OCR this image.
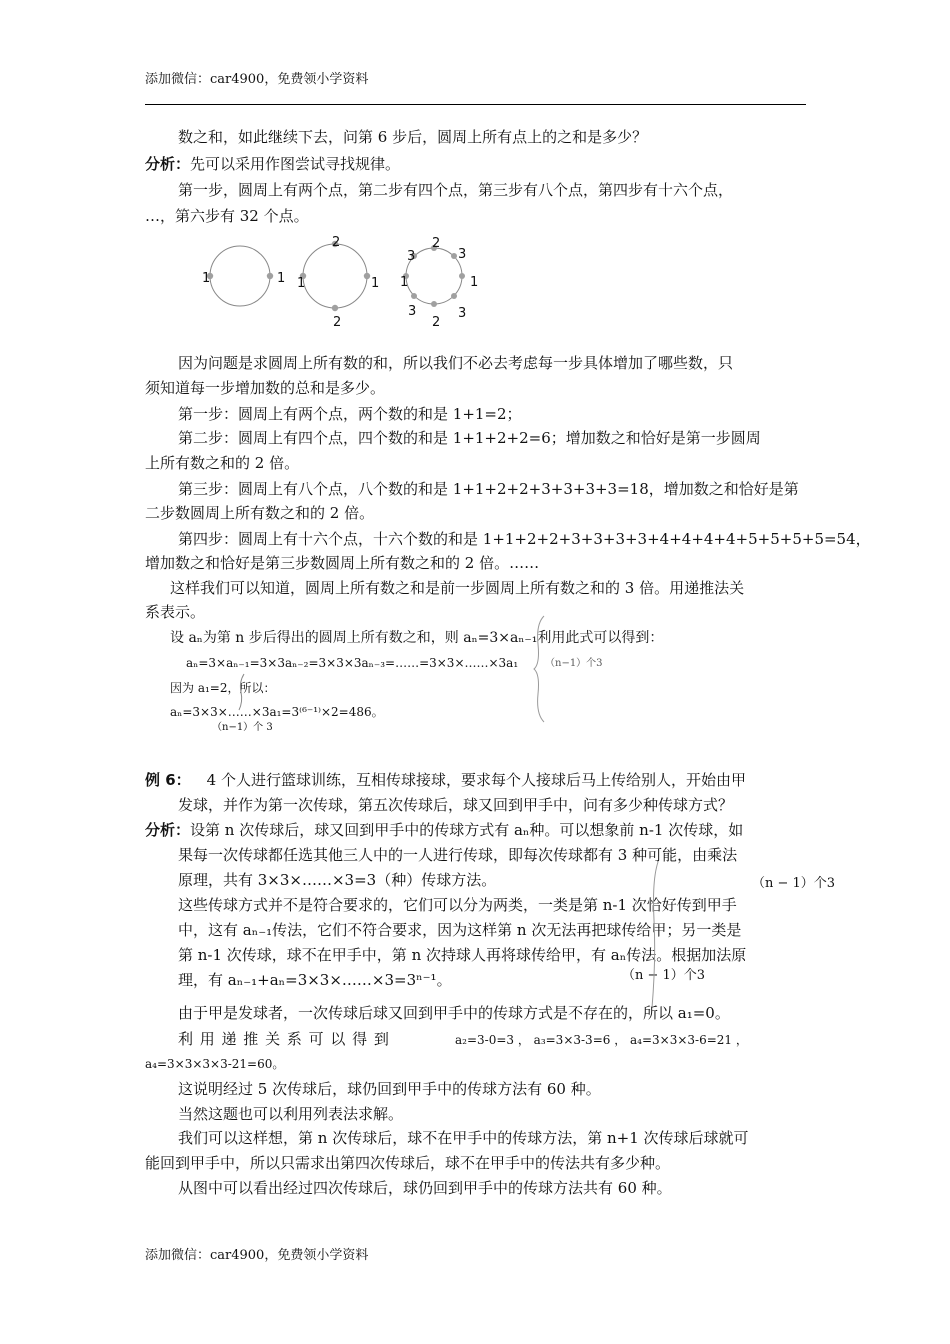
添加微信：car4900，免费领小学资料
数之和，如此继续下去，问第 6 步后，圆周上所有点上的之和是多少？
分析：先可以采用作图尝试寻找规律。
第一步，圆周上有两个点，第二步有四个点，第三步有八个点，第四步有十六个点，
…，第六步有 32 个点。
1	1
2
1	1
2
2
3
3
1
1
3
3
2
因为问题是求圆周上所有数的和，所以我们不必去考虑每一步具体增加了哪些数，只
须知道每一步增加数的总和是多少。
第一步：圆周上有两个点，两个数的和是 1+1=2；
第二步：圆周上有四个点，四个数的和是 1+1+2+2=6；增加数之和恰好是第一步圆周
上所有数之和的 2 倍。
第三步：圆周上有八个点，八个数的和是 1+1+2+2+3+3+3+3=18，增加数之和恰好是第
二步数圆周上所有数之和的 2 倍。
第四步：圆周上有十六个点，十六个数的和是 1+1+2+2+3+3+3+3+4+4+4+4+5+5+5+5=54，
增加数之和恰好是第三步数圆周上所有数之和的 2 倍。……
这样我们可以知道，圆周上所有数之和是前一步圆周上所有数之和的 3 倍。用递推法关
系表示。
设 aₙ为第 n 步后得出的圆周上所有数之和，则 aₙ=3×aₙ₋₁利用此式可以得到：
aₙ=3×aₙ₋₁=3×3aₙ₋₂=3×3×3aₙ₋₃=……=3×3×……×3a₁	（n−1）个3
因为 a₁=2，所以：
aₙ=3×3×……×3a₁=3⁽⁶⁻¹⁾×2=486。
（n−1）个 3
例 6： 4 个人进行篮球训练，互相传球接球，要求每个人接球后马上传给别人，开始由甲
发球，并作为第一次传球，第五次传球后，球又回到甲手中，问有多少种传球方式？
分析：设第 n 次传球后，球又回到甲手中的传球方式有 aₙ种。可以想象前 n-1 次传球，如
果每一次传球都任选其他三人中的一人进行传球，即每次传球都有 3 种可能，由乘法
原理，共有 3×3×……×3=3（种）传球方法。	（n − 1）个3
这些传球方式并不是符合要求的，它们可以分为两类，一类是第 n-1 次恰好传到甲手
中，这有 aₙ₋₁传法，它们不符合要求，因为这样第 n 次无法再把球传给甲；另一类是
第 n-1 次传球，球不在甲手中，第 n 次持球人再将球传给甲，有 aₙ传法。根据加法原
理，有 aₙ₋₁+aₙ=3×3×……×3=3ⁿ⁻¹。	（n − 1）个3
由于甲是发球者，一次传球后球又回到甲手中的传球方式是不存在的，所以 a₁=0。
利 用 递 推 关 系 可 以 得 到	a₂=3-0=3 ， a₃=3×3-3=6 ， a₄=3×3×3-6=21 ，
a₄=3×3×3×3-21=60。
这说明经过 5 次传球后，球仍回到甲手中的传球方法有 60 种。
当然这题也可以利用列表法求解。
我们可以这样想，第 n 次传球后，球不在甲手中的传球方法，第 n+1 次传球后球就可
能回到甲手中，所以只需求出第四次传球后，球不在甲手中的传法共有多少种。
从图中可以看出经过四次传球后，球仍回到甲手中的传球方法共有 60 种。
添加微信：car4900，免费领小学资料
